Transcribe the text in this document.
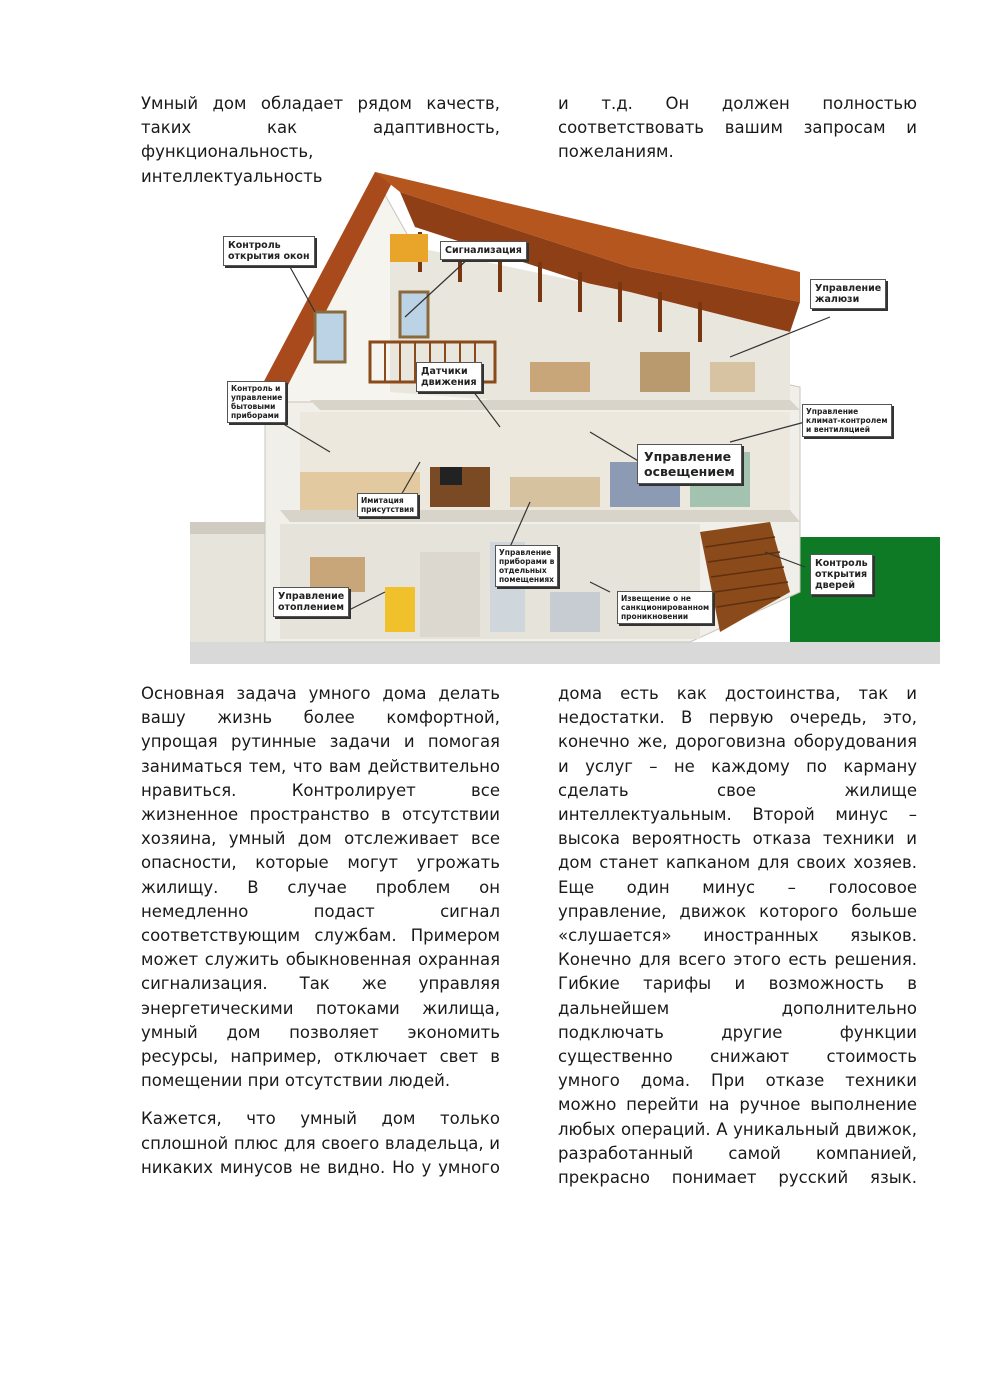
Умный дом обладает рядом качеств, таких как адаптивность, функциональность, интеллектуальность

и т.д. Он должен полностью соответствовать вашим запросам и пожеланиям.

Контроль
открытия окон
Сигнализация
Управление
жалюзи
Датчики
движения
Контроль и
управление
бытовыми
приборами	Управление
климат-контролем
и вентиляцией
Управление
освещением
Имитация
присутствия
Управление
приборами в
отдельных
помещениях
Контроль
открытия
дверей
Управление
отоплением
Извещение о не
санкционированном
проникновении

Основная задача умного дома делать вашу жизнь более комфортной, упрощая рутинные задачи и помогая заниматься тем, что вам действительно нравиться. Контролирует все жизненное пространство в отсутствии хозяина, умный дом отслеживает все опасности, которые могут угрожать жилищу. В случае проблем он немедленно подаст сигнал соответствующим службам. Примером может служить обыкновенная охранная сигнализация. Так же управляя энергетическими потоками жилища, умный дом позволяет экономить ресурсы, например, отключает свет в помещении при отсутствии людей.

Кажется, что умный дом только сплошной плюс для своего владельца, и никаких минусов не видно. Но у умного

дома есть как достоинства, так и недостатки. В первую очередь, это, конечно же, дороговизна оборудования и услуг – не каждому по карману сделать свое жилище интеллектуальным. Второй минус – высока вероятность отказа техники и дом станет капканом для своих хозяев. Еще один минус – голосовое управление, движок которого больше «слушается» иностранных языков. Конечно для всего этого есть решения. Гибкие тарифы и возможность в дальнейшем дополнительно подключать другие функции существенно снижают стоимость умного дома. При отказе техники можно перейти на ручное выполнение любых операций. А уникальный движок, разработанный самой компанией, прекрасно понимает русский язык.
